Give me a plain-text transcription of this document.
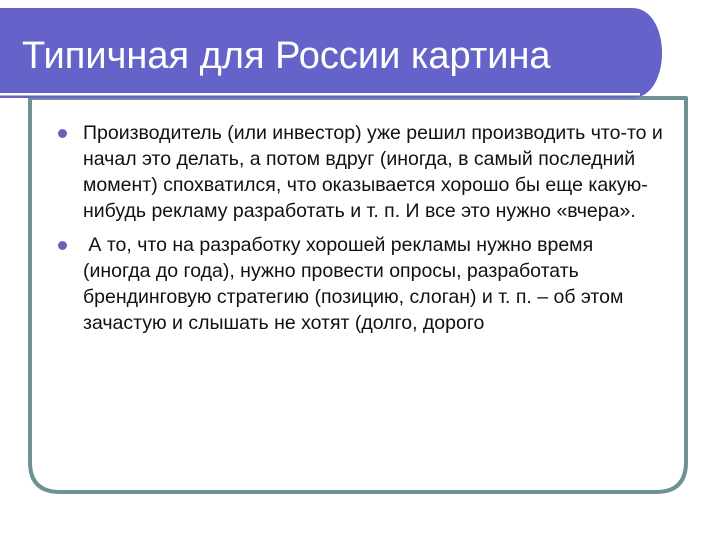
Типичная для России картина
Производитель (или инвестор) уже решил производить что-то и начал это делать, а потом вдруг (иногда, в самый последний момент) спохватился, что оказывается хорошо бы еще какую-нибудь рекламу разработать и т. п. И все это нужно «вчера».
А то, что на разработку хорошей рекламы нужно время (иногда до года), нужно провести опросы, разработать брендинговую стратегию (позицию, слоган) и т. п. – об этом зачастую и слышать не хотят (долго, дорого
